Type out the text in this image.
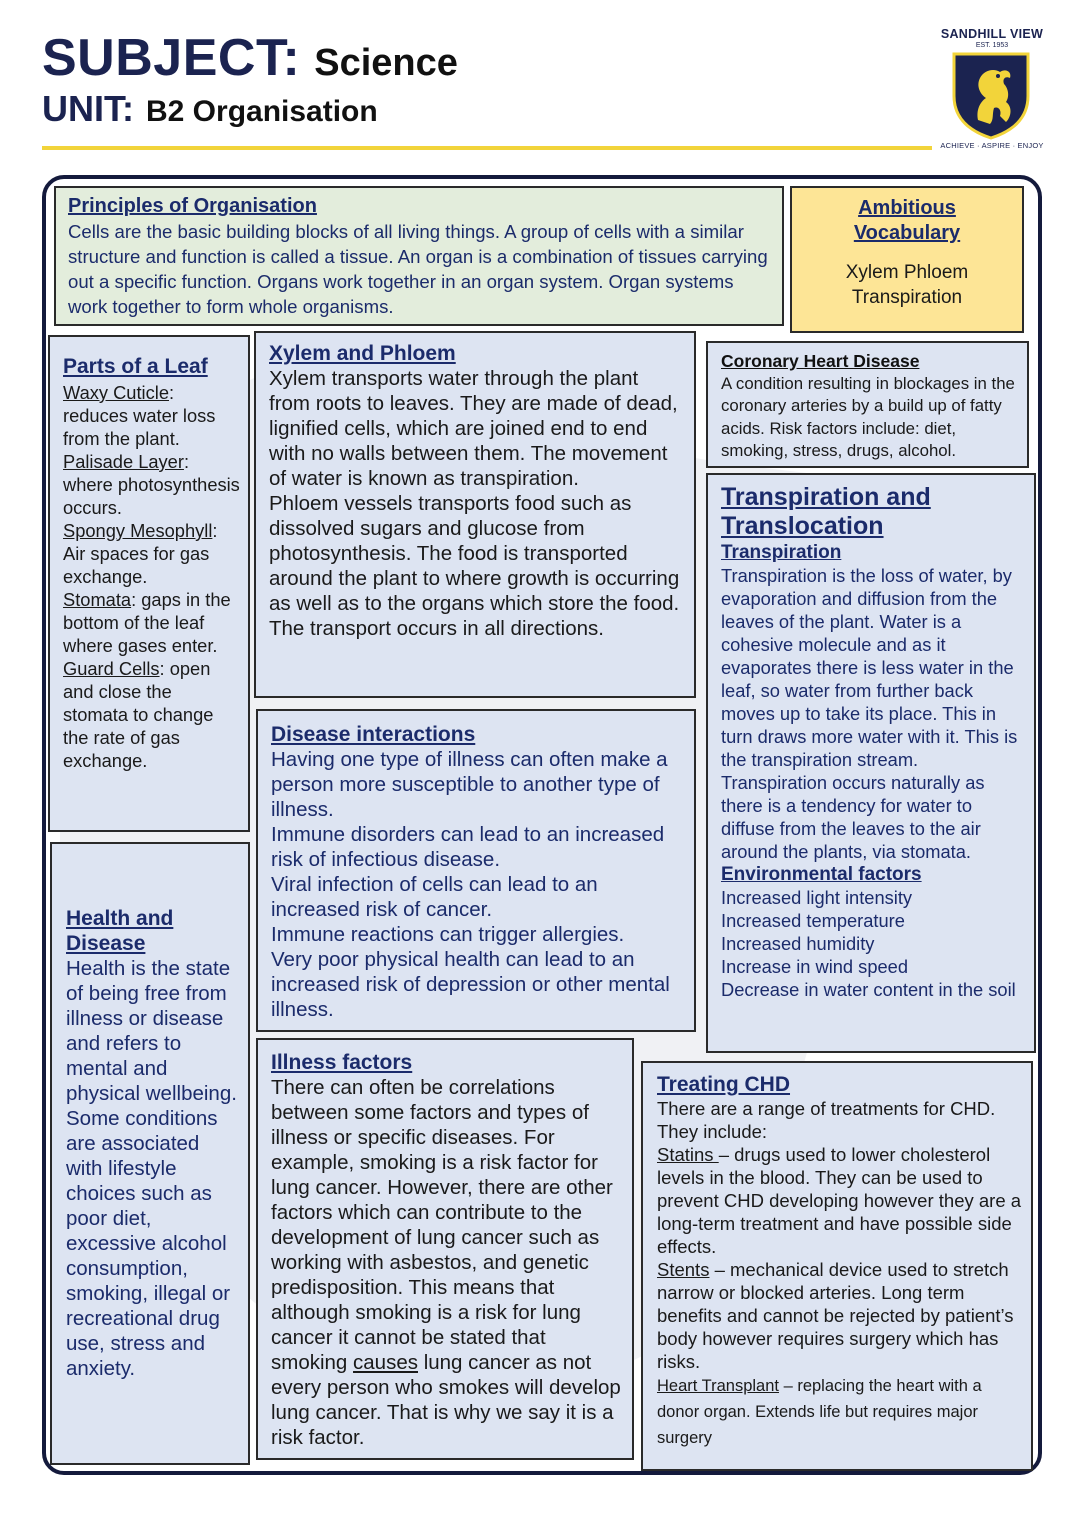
SUBJECT: Science
UNIT: B2 Organisation
SANDHILL VIEW
EST. 1953
ACHIEVE · ASPIRE · ENJOY
Principles of Organisation

Cells are the basic building blocks of all living things. A group of cells with a similar structure and function is called a tissue. An organ is a combination of tissues carrying out a specific function. Organs work together in an organ system. Organ systems work together to form whole organisms.

Ambitious Vocabulary

Xylem Phloem Transpiration

Parts of a Leaf
Waxy Cuticle: reduces water loss from the plant.
Palisade Layer: where photosynthesis occurs.
Spongy Mesophyll: Air spaces for gas exchange.
Stomata: gaps in the bottom of the leaf where gases enter.
Guard Cells: open and close the stomata to change the rate of gas exchange.
Xylem and Phloem

Xylem transports water through the plant from roots to leaves. They are made of dead, lignified cells, which are joined end to end with no walls between them. The movement of water is known as transpiration.

Phloem vessels transports food such as dissolved sugars and glucose from photosynthesis. The food is transported around the plant to where growth is occurring as well as to the organs which store the food. The transport occurs in all directions.

Coronary Heart Disease

A condition resulting in blockages in the coronary arteries by a build up of fatty acids. Risk factors include: diet, smoking, stress, drugs, alcohol.

Transpiration and Translocation
Transpiration

Transpiration is the loss of water, by evaporation and diffusion from the leaves of the plant. Water is a cohesive molecule and as it evaporates there is less water in the leaf, so water from further back moves up to take its place. This in turn draws more water with it. This is the transpiration stream. Transpiration occurs naturally as there is a tendency for water to diffuse from the leaves to the air around the plants, via stomata.

Environmental factors
Increased light intensity
Increased temperature
Increased humidity
Increase in wind speed
Decrease in water content in the soil
Disease interactions
Having one type of illness can often make a person more susceptible to another type of illness.
Immune disorders can lead to an increased risk of infectious disease.
Viral infection of cells can lead to an increased risk of cancer.
Immune reactions can trigger allergies.
Very poor physical health can lead to an increased risk of depression or other mental illness.
Health and Disease

Health is the state of being free from illness or disease and refers to mental and physical wellbeing. Some conditions are associated with lifestyle choices such as poor diet, excessive alcohol consumption, smoking, illegal or recreational drug use, stress and anxiety.

Illness factors

There can often be correlations between some factors and types of illness or specific diseases. For example, smoking is a risk factor for lung cancer. However, there are other factors which can contribute to the development of lung cancer such as working with asbestos, and genetic predisposition. This means that although smoking is a risk for lung cancer it cannot be stated that smoking causes lung cancer as not every person who smokes will develop lung cancer. That is why we say it is a risk factor.

Treating CHD

There are a range of treatments for CHD. They include:

Statins – drugs used to lower cholesterol levels in the blood. They can be used to prevent CHD developing however they are a long-term treatment and have possible side effects.

Stents – mechanical device used to stretch narrow or blocked arteries. Long term benefits and cannot be rejected by patient’s body however requires surgery which has risks.

Heart Transplant – replacing the heart with a donor organ. Extends life but requires major surgery
